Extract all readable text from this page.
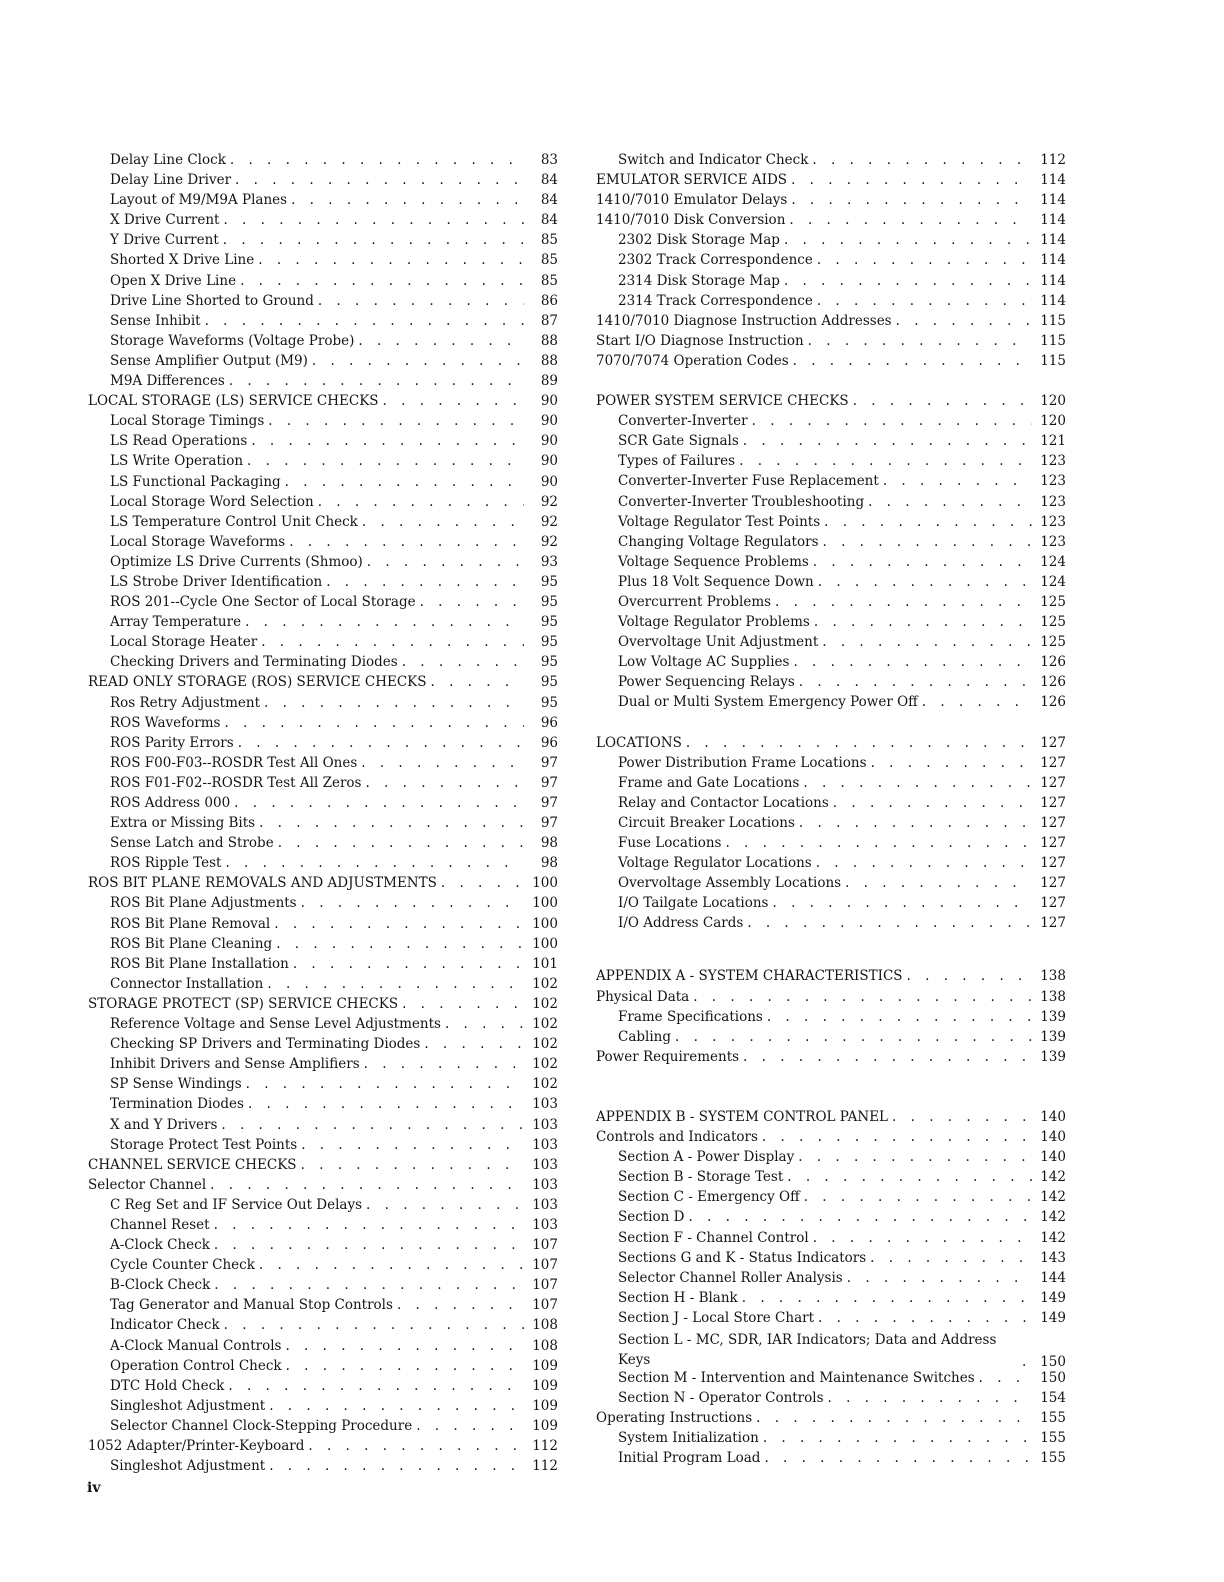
Delay Line Clock . . .	83
Delay Line Driver . . .	84
Layout of M9/M9A Planes . . .	84
X Drive Current . . .	84
Y Drive Current . . .	85
Shorted X Drive Line . . .	85
Open X Drive Line . . .	85
Drive Line Shorted to Ground . . .	86
Sense Inhibit . . .	87
Storage Waveforms (Voltage Probe) . . .	88
Sense Amplifier Output (M9) . . .	88
M9A Differences . . .	89
LOCAL STORAGE (LS) SERVICE CHECKS . . .	90
Local Storage Timings . . .	90
LS Read Operations . . .	90
LS Write Operation . . .	90
LS Functional Packaging . . .	90
Local Storage Word Selection . . .	92
LS Temperature Control Unit Check . . .	92
Local Storage Waveforms . . .	92
Optimize LS Drive Currents (Shmoo) . . .	93
LS Strobe Driver Identification . . .	95
ROS 201--Cycle One Sector of Local Storage . . .	95
Array Temperature . . .	95
Local Storage Heater . . .	95
Checking Drivers and Terminating Diodes . . .	95
READ ONLY STORAGE (ROS) SERVICE CHECKS . . .	95
Ros Retry Adjustment . . .	95
ROS Waveforms . . .	96
ROS Parity Errors . . .	96
ROS F00-F03--ROSDR Test All Ones . . .	97
ROS F01-F02--ROSDR Test All Zeros . . .	97
ROS Address 000 . . .	97
Extra or Missing Bits . . .	97
Sense Latch and Strobe . . .	98
ROS Ripple Test . . .	98
ROS BIT PLANE REMOVALS AND ADJUSTMENTS . . .	100
ROS Bit Plane Adjustments . . .	100
ROS Bit Plane Removal . . .	100
ROS Bit Plane Cleaning . . .	100
ROS Bit Plane Installation . . .	101
Connector Installation . . .	102
STORAGE PROTECT (SP) SERVICE CHECKS . . .	102
Reference Voltage and Sense Level Adjustments . . .	102
Checking SP Drivers and Terminating Diodes . . .	102
Inhibit Drivers and Sense Amplifiers . . .	102
SP Sense Windings . . .	102
Termination Diodes . . .	103
X and Y Drivers . . .	103
Storage Protect Test Points . . .	103
CHANNEL SERVICE CHECKS . . .	103
Selector Channel . . .	103
C Reg Set and IF Service Out Delays . . .	103
Channel Reset . . .	103
A-Clock Check . . .	107
Cycle Counter Check . . .	107
B-Clock Check . . .	107
Tag Generator and Manual Stop Controls . . .	107
Indicator Check . . .	108
A-Clock Manual Controls . . .	108
Operation Control Check . . .	109
DTC Hold Check . . .	109
Singleshot Adjustment . . .	109
Selector Channel Clock-Stepping Procedure . . .	109
1052 Adapter/Printer-Keyboard . . .	112
Singleshot Adjustment . . .	112
Switch and Indicator Check . . .	112
EMULATOR SERVICE AIDS . . .	114
1410/7010 Emulator Delays . . .	114
1410/7010 Disk Conversion . . .	114
2302 Disk Storage Map . . .	114
2302 Track Correspondence . . .	114
2314 Disk Storage Map . . .	114
2314 Track Correspondence . . .	114
1410/7010 Diagnose Instruction Addresses . . .	115
Start I/O Diagnose Instruction . . .	115
7070/7074 Operation Codes . . .	115
POWER SYSTEM SERVICE CHECKS . . .	120
Converter-Inverter . . .	120
SCR Gate Signals . . .	121
Types of Failures . . .	123
Converter-Inverter Fuse Replacement . . .	123
Converter-Inverter Troubleshooting . . .	123
Voltage Regulator Test Points . . .	123
Changing Voltage Regulators . . .	123
Voltage Sequence Problems . . .	124
Plus 18 Volt Sequence Down . . .	124
Overcurrent Problems . . .	125
Voltage Regulator Problems . . .	125
Overvoltage Unit Adjustment . . .	125
Low Voltage AC Supplies . . .	126
Power Sequencing Relays . . .	126
Dual or Multi System Emergency Power Off . . .	126
LOCATIONS . . .	127
Power Distribution Frame Locations . . .	127
Frame and Gate Locations . . .	127
Relay and Contactor Locations . . .	127
Circuit Breaker Locations . . .	127
Fuse Locations . . .	127
Voltage Regulator Locations . . .	127
Overvoltage Assembly Locations . . .	127
I/O Tailgate Locations . . .	127
I/O Address Cards . . .	127
APPENDIX A - SYSTEM CHARACTERISTICS . . .	138
Physical Data . . .	138
Frame Specifications . . .	139
Cabling . . .	139
Power Requirements . . .	139
APPENDIX B - SYSTEM CONTROL PANEL . . .	140
Controls and Indicators . . .	140
Section A - Power Display . . .	140
Section B - Storage Test . . .	142
Section C - Emergency Off . . .	142
Section D . . .	142
Section F - Channel Control . . .	142
Sections G and K - Status Indicators . . .	143
Selector Channel Roller Analysis . . .	144
Section H - Blank . . .	149
Section J - Local Store Chart . . .	149
Section L - MC, SDR, IAR Indicators; Data and Address Keys . . .	150
Section M - Intervention and Maintenance Switches . . .	150
Section N - Operator Controls . . .	154
Operating Instructions . . .	155
System Initialization . . .	155
Initial Program Load . . .	155
iv
